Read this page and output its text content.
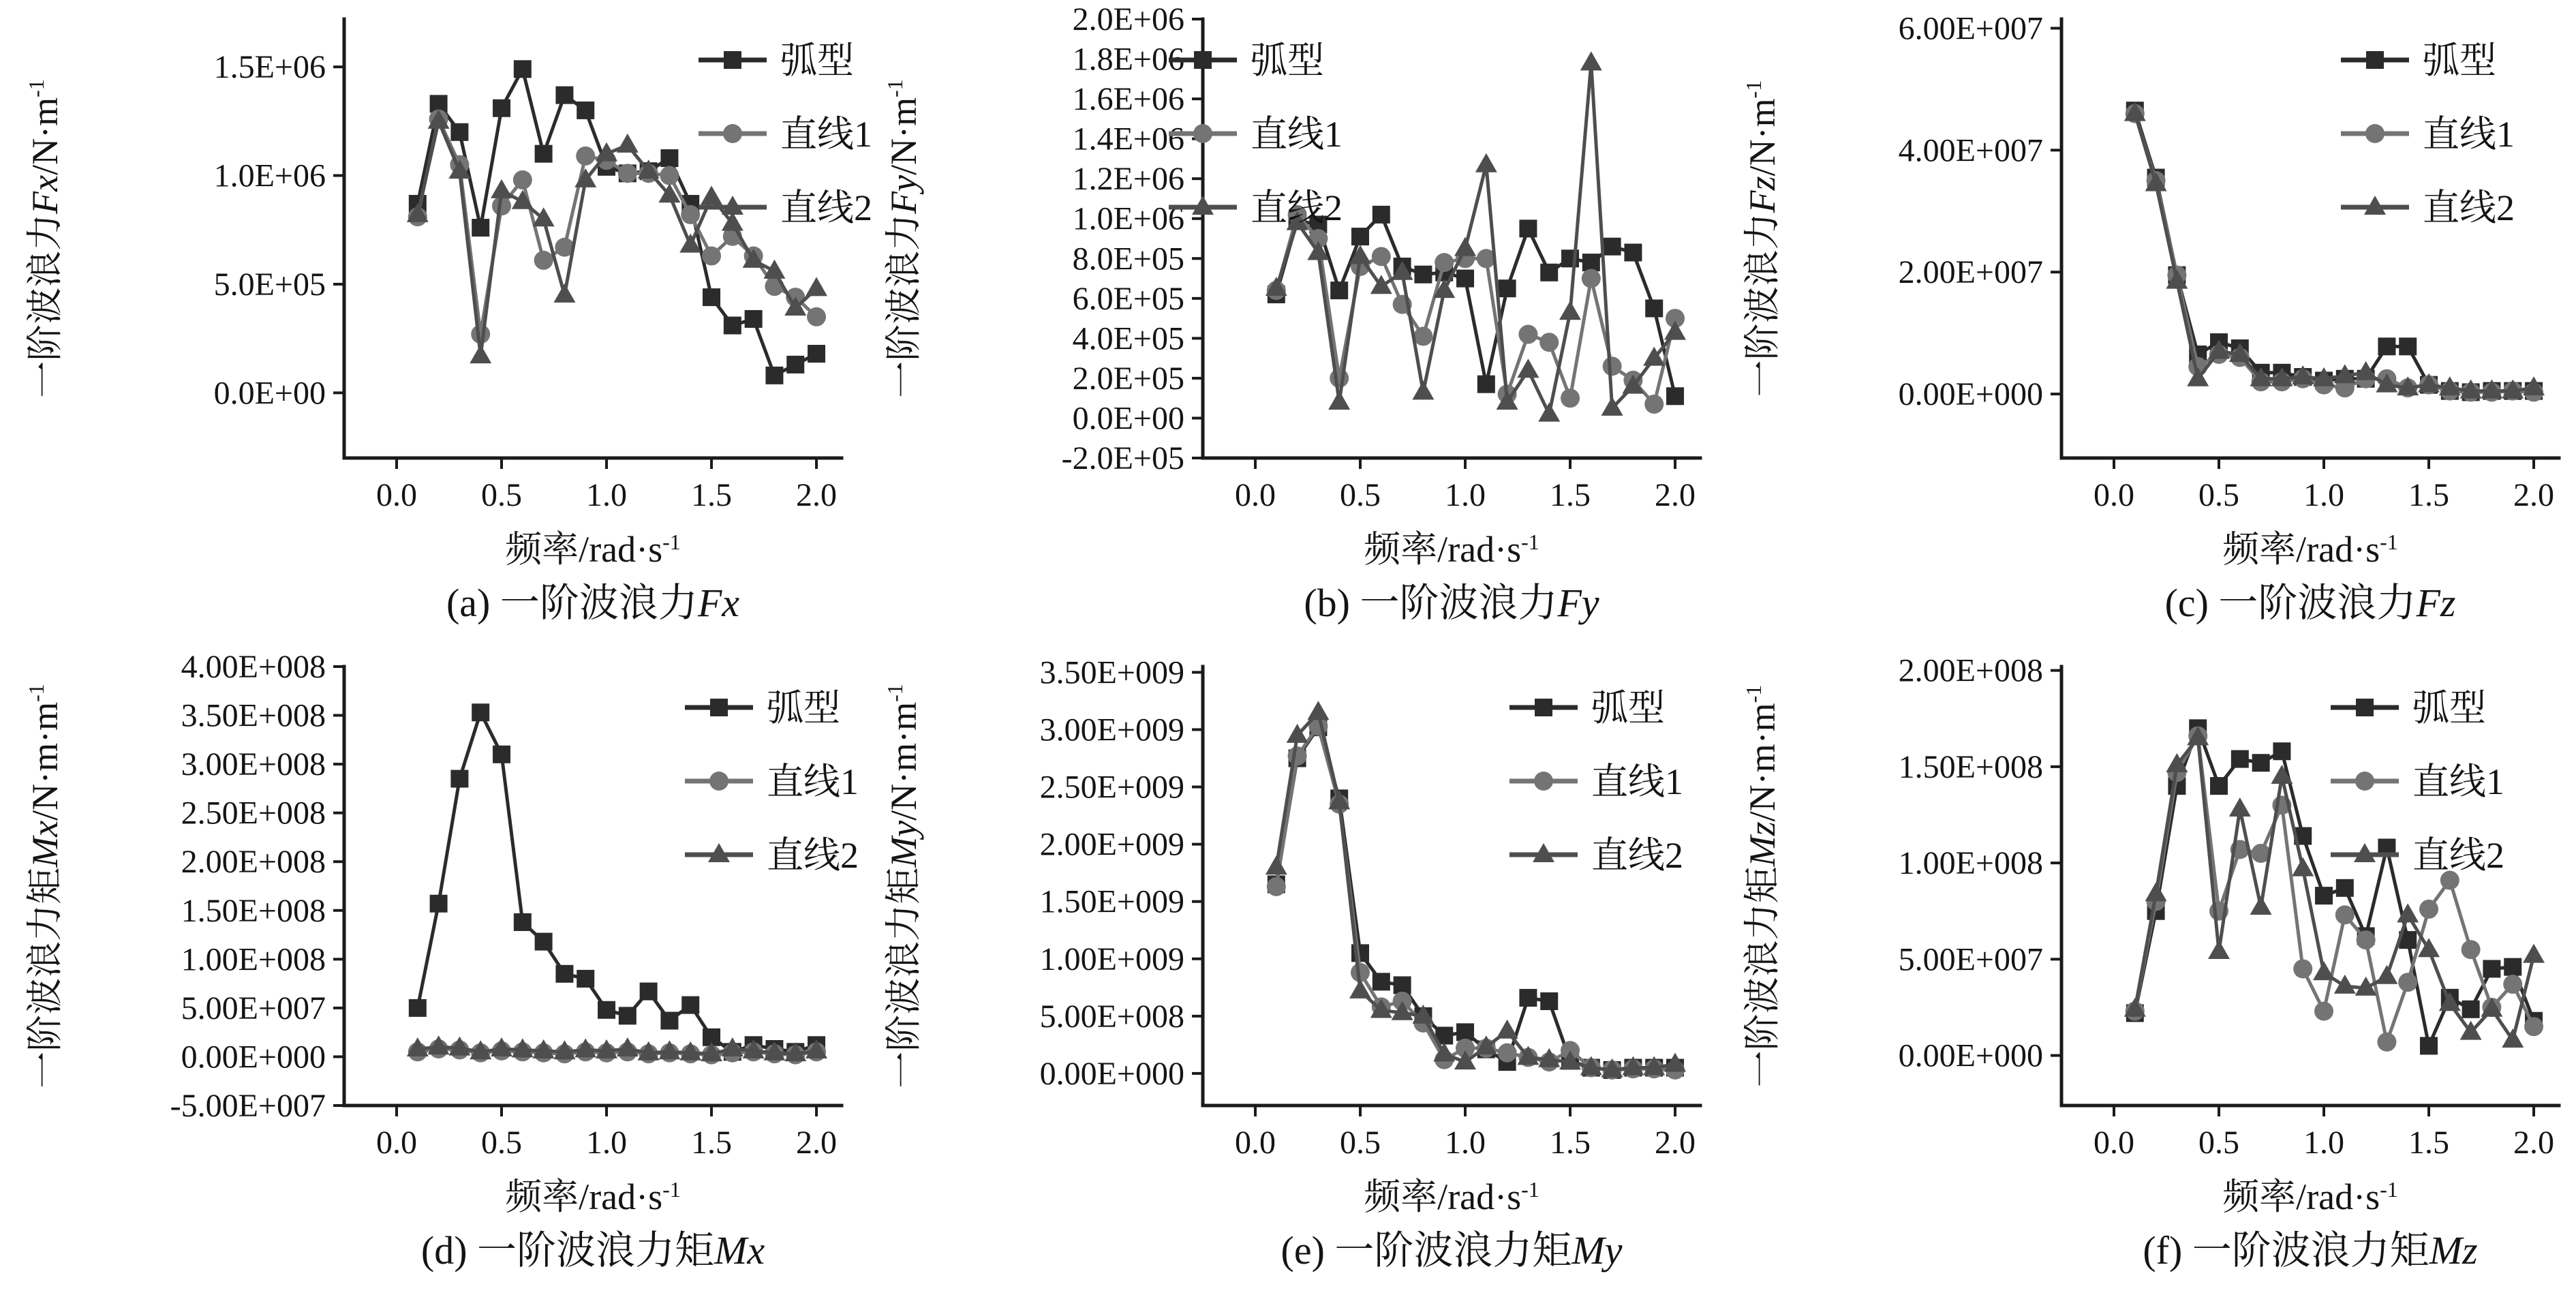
0.0E+00
5.0E+05
1.0E+06
1.5E+06
0.0 0.5 1.0 1.5 2.0
一阶波浪力$Fx/N\cdot m^{-1}$
频率$/rad\cdot s^{-1}$
(a) 一阶波浪力Fx
弧型
直线1
直线2
-2.0E+05
0.0E+00
2.0E+05
4.0E+05
6.0E+05
8.0E+05
1.0E+06
1.2E+06
1.4E+06
1.6E+06
1.8E+06
2.0E+06
0.0 0.5 1.0 1.5 2.0
一阶波浪力$Fy/N\cdot m^{-1}$
频率$/rad\cdot s^{-1}$
(b) 一阶波浪力Fy
弧型
直线1
直线2
0.00E+000
2.00E+007
4.00E+007
6.00E+007
0.0 0.5 1.0 1.5 2.0
一阶波浪力$Fz/N\cdot m^{-1}$
频率$/rad\cdot s^{-1}$
(c) 一阶波浪力Fz
弧型
直线1
直线2
-5.00E+007
0.00E+000
5.00E+007
1.00E+008
1.50E+008
2.00E+008
2.50E+008
3.00E+008
3.50E+008
4.00E+008
0.0 0.5 1.0 1.5 2.0
一阶波浪力矩$Mx/N\cdot m\cdot m^{-1}$
频率$/rad\cdot s^{-1}$
(d) 一阶波浪力矩Mx
弧型
直线1
直线2
0.00E+000
5.00E+008
1.00E+009
1.50E+009
2.00E+009
2.50E+009
3.00E+009
3.50E+009
0.0 0.5 1.0 1.5 2.0
一阶波浪力矩$My/N\cdot m\cdot m^{-1}$
频率$/rad\cdot s^{-1}$
(e) 一阶波浪力矩My
弧型
直线1
直线2
0.00E+000
5.00E+007
1.00E+008
1.50E+008
2.00E+008
0.0 0.5 1.0 1.5 2.0
一阶波浪力矩$Mz/N\cdot m\cdot m^{-1}$
频率$/rad\cdot s^{-1}$
(f) 一阶波浪力矩Mz
弧型
直线1
直线2
